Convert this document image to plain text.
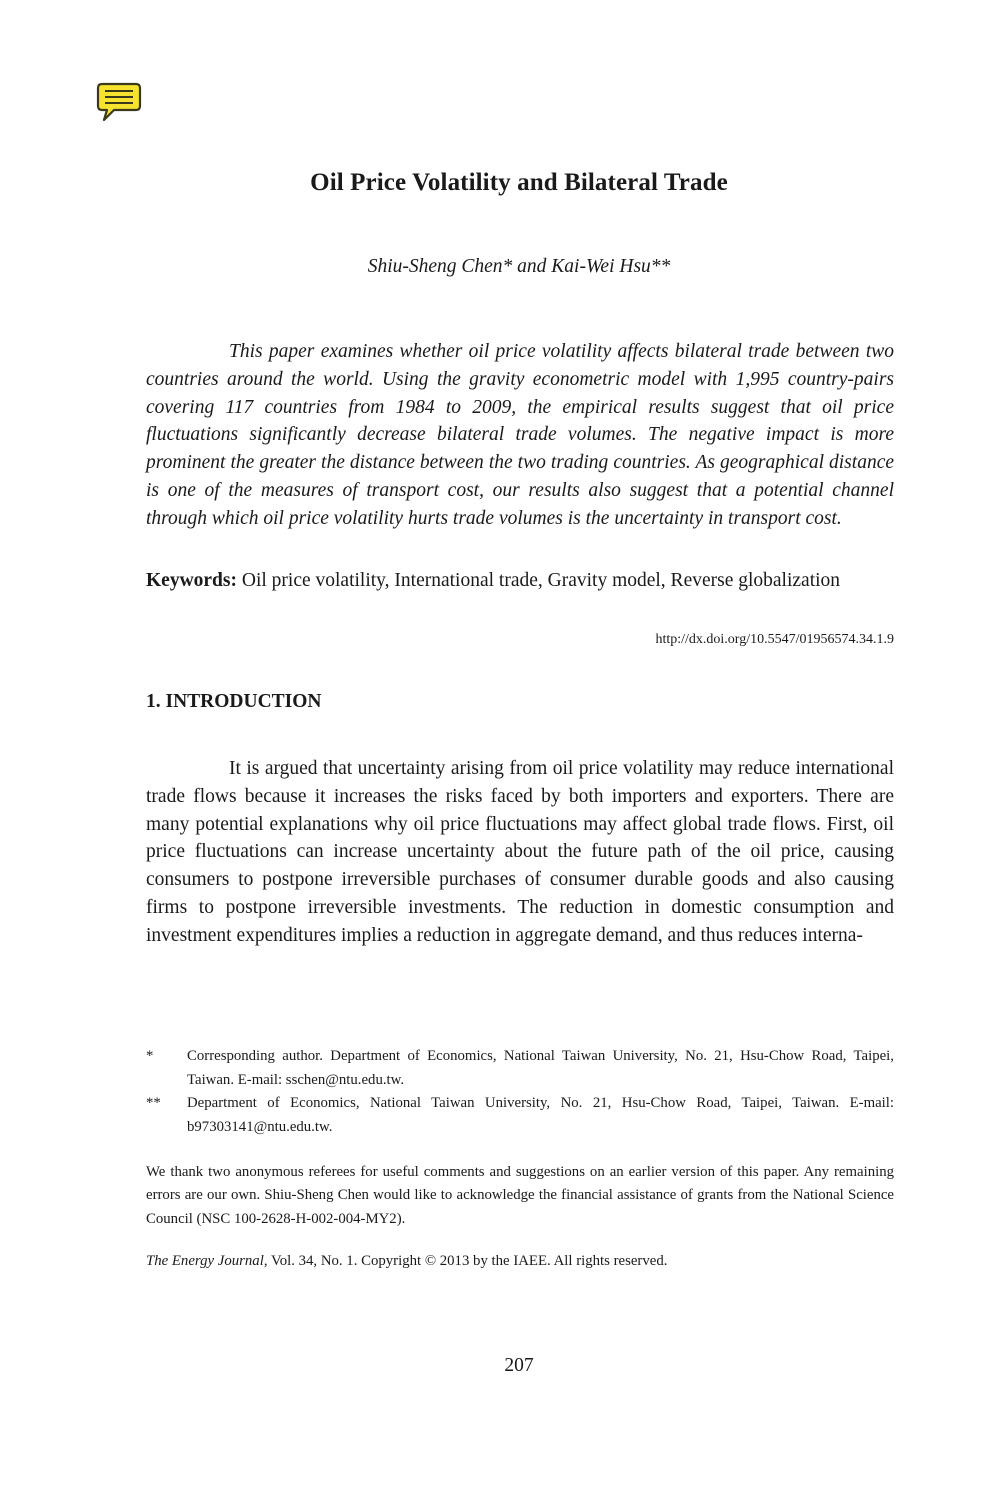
Oil Price Volatility and Bilateral Trade
Shiu-Sheng Chen* and Kai-Wei Hsu**
This paper examines whether oil price volatility affects bilateral trade between two countries around the world. Using the gravity econometric model with 1,995 country-pairs covering 117 countries from 1984 to 2009, the empirical results suggest that oil price fluctuations significantly decrease bilateral trade volumes. The negative impact is more prominent the greater the distance between the two trading countries. As geographical distance is one of the measures of transport cost, our results also suggest that a potential channel through which oil price volatility hurts trade volumes is the uncertainty in transport cost.
Keywords: Oil price volatility, International trade, Gravity model, Reverse globalization
http://dx.doi.org/10.5547/01956574.34.1.9
1. INTRODUCTION
It is argued that uncertainty arising from oil price volatility may reduce international trade flows because it increases the risks faced by both importers and exporters. There are many potential explanations why oil price fluctuations may affect global trade flows. First, oil price fluctuations can increase uncertainty about the future path of the oil price, causing consumers to postpone irreversible purchases of consumer durable goods and also causing firms to postpone irreversible investments. The reduction in domestic consumption and investment expenditures implies a reduction in aggregate demand, and thus reduces interna-
*	Corresponding author. Department of Economics, National Taiwan University, No. 21, Hsu-Chow Road, Taipei, Taiwan. E-mail: sschen@ntu.edu.tw.
**	Department of Economics, National Taiwan University, No. 21, Hsu-Chow Road, Taipei, Taiwan. E-mail: b97303141@ntu.edu.tw.
We thank two anonymous referees for useful comments and suggestions on an earlier version of this paper. Any remaining errors are our own. Shiu-Sheng Chen would like to acknowledge the financial assistance of grants from the National Science Council (NSC 100-2628-H-002-004-MY2).
The Energy Journal, Vol. 34, No. 1. Copyright © 2013 by the IAEE. All rights reserved.
207
